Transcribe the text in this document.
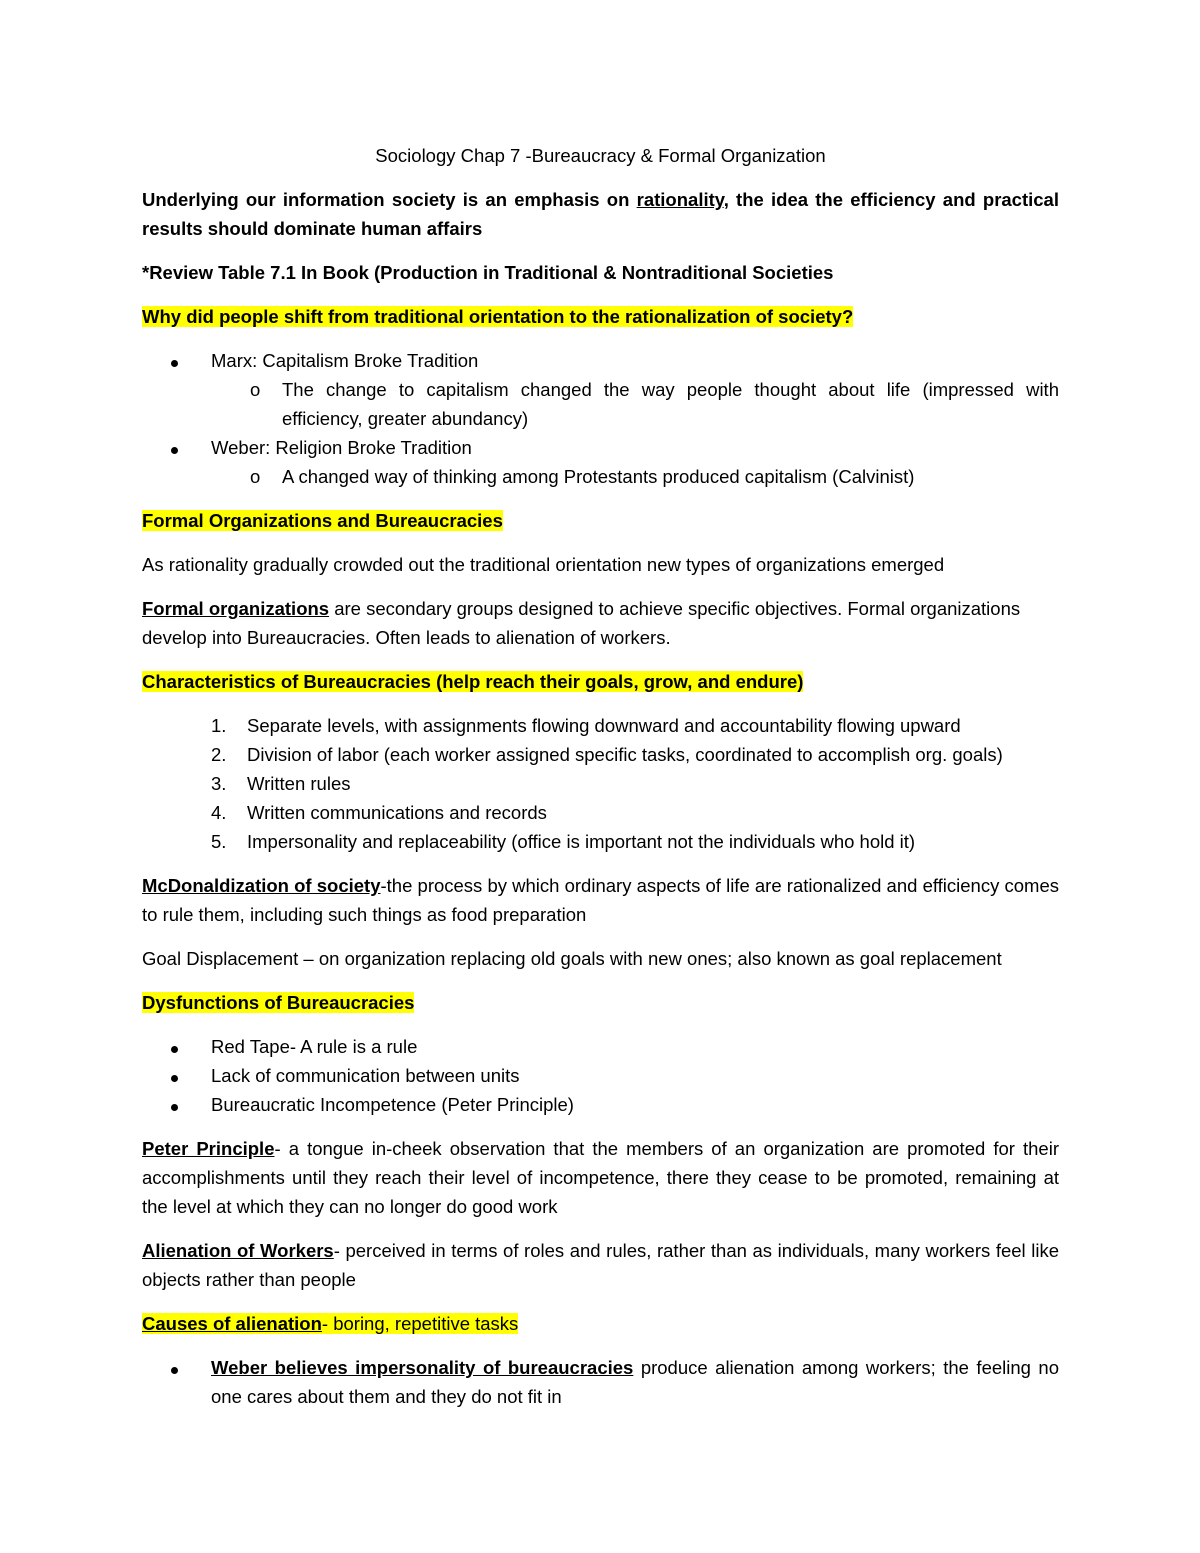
Sociology Chap 7 -Bureaucracy & Formal Organization

Underlying our information society is an emphasis on rationality, the idea the efficiency and practical results should dominate human affairs

*Review Table 7.1 In Book (Production in Traditional & Nontraditional Societies

Why did people shift from traditional orientation to the rationalization of society?

Marx: Capitalism Broke Tradition
o The change to capitalism changed the way people thought about life (impressed with efficiency, greater abundancy)
Weber: Religion Broke Tradition
o A changed way of thinking among Protestants produced capitalism (Calvinist)

Formal Organizations and Bureaucracies

As rationality gradually crowded out the traditional orientation new types of organizations emerged

Formal organizations are secondary groups designed to achieve specific objectives. Formal organizations develop into Bureaucracies. Often leads to alienation of workers.

Characteristics of Bureaucracies (help reach their goals, grow, and endure)

1. Separate levels, with assignments flowing downward and accountability flowing upward
2. Division of labor (each worker assigned specific tasks, coordinated to accomplish org. goals)
3. Written rules
4. Written communications and records
5. Impersonality and replaceability (office is important not the individuals who hold it)

McDonaldization of society-the process by which ordinary aspects of life are rationalized and efficiency comes to rule them, including such things as food preparation

Goal Displacement – on organization replacing old goals with new ones; also known as goal replacement

Dysfunctions of Bureaucracies

Red Tape- A rule is a rule
Lack of communication between units
Bureaucratic Incompetence (Peter Principle)

Peter Principle- a tongue in-cheek observation that the members of an organization are promoted for their accomplishments until they reach their level of incompetence, there they cease to be promoted, remaining at the level at which they can no longer do good work

Alienation of Workers- perceived in terms of roles and rules, rather than as individuals, many workers feel like objects rather than people

Causes of alienation- boring, repetitive tasks

Weber believes impersonality of bureaucracies produce alienation among workers; the feeling no one cares about them and they do not fit in
